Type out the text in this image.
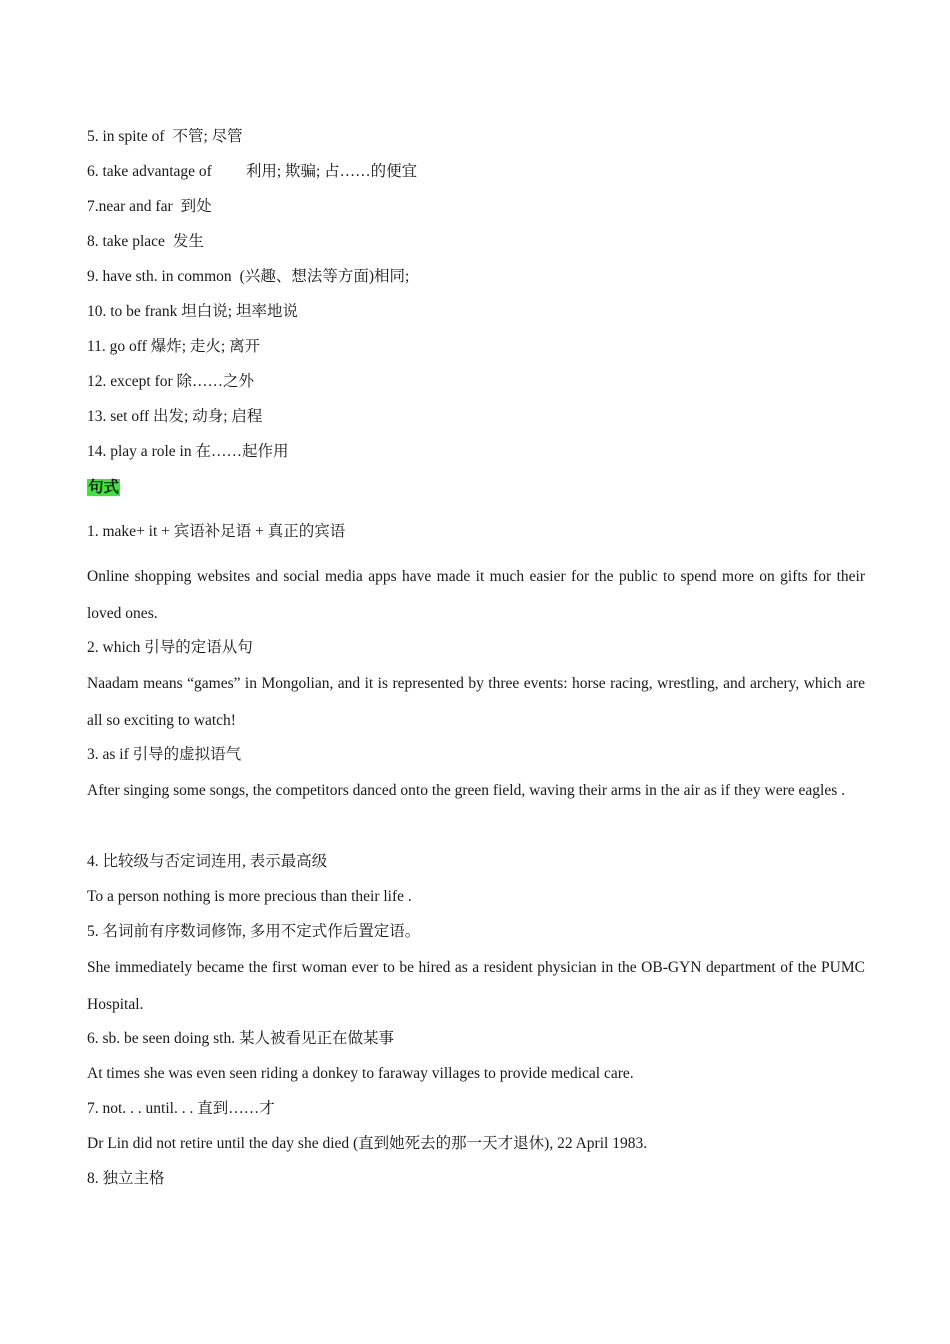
5. in spite of 不管; 尽管
6. take advantage of 利用; 欺骗; 占……的便宜
7.near and far 到处
8. take place 发生
9. have sth. in common (兴趣、想法等方面)相同;
10. to be frank 坦白说; 坦率地说
11. go off 爆炸; 走火; 离开
12. except for 除……之外
13. set off 出发; 动身; 启程
14. play a role in 在……起作用
句式
1. make+ it + 宾语补足语 + 真正的宾语
Online shopping websites and social media apps have made it much easier for the public to spend more on gifts for their loved ones.
2. which 引导的定语从句
Naadam means “games” in Mongolian, and it is represented by three events: horse racing, wrestling, and archery, which are all so exciting to watch!
3. as if 引导的虚拟语气
After singing some songs, the competitors danced onto the green field, waving their arms in the air as if they were eagles .
4. 比较级与否定词连用, 表示最高级
To a person nothing is more precious than their life .
5. 名词前有序数词修饰, 多用不定式作后置定语。
She immediately became the first woman ever to be hired as a resident physician in the OB-GYN department of the PUMC Hospital.
6. sb. be seen doing sth. 某人被看见正在做某事
At times she was even seen riding a donkey to faraway villages to provide medical care.
7. not. . . until. . . 直到……才
Dr Lin did not retire until the day she died (直到她死去的那一天才退休), 22 April 1983.
8. 独立主格
